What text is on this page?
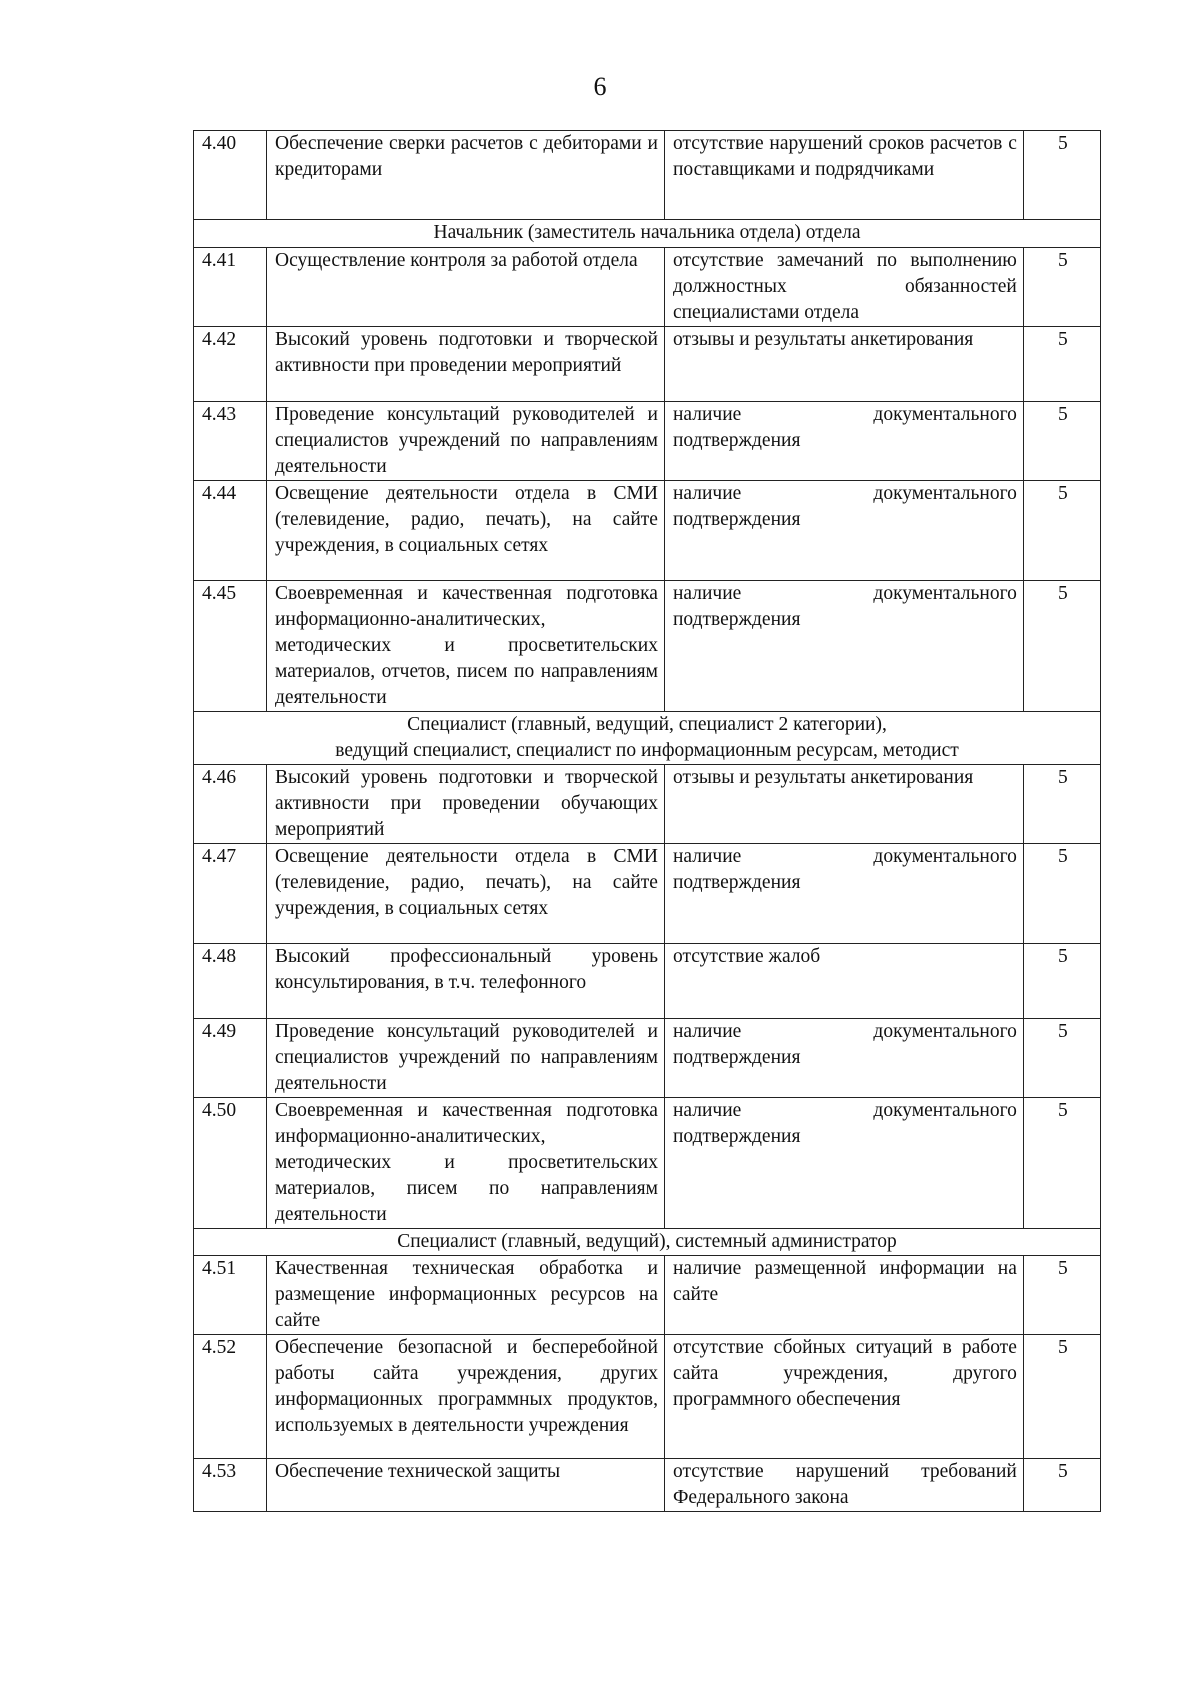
6
4.40	Обеспечение сверки расчетов с дебиторами и кредиторами	отсутствие нарушений сроков расчетов с поставщиками и подрядчиками	5

Начальник (заместитель начальника отдела) отдела			

4.41	Осуществление контроля за работой отдела	отсутствие замечаний по выполнению должностных обязанностей специалистами отдела	5
4.42	Высокий уровень подготовки и творческой активности при проведении мероприятий	отзывы и результаты анкетирования	5
4.43	Проведение консультаций руководителей и специалистов учреждений по направлениям деятельности	наличие документального подтверждения	5
4.44	Освещение деятельности отдела в СМИ (телевидение, радио, печать), на сайте учреждения, в социальных сетях	наличие документального подтверждения	5
4.45	Своевременная и качественная подготовка информационно-аналитических, методических и просветительских материалов, отчетов, писем по направлениям деятельности	наличие документального подтверждения	5

Специалист (главный, ведущий, специалист 2 категории),
ведущий специалист, специалист по информационным ресурсам, методист			

4.46	Высокий уровень подготовки и творческой активности при проведении обучающих мероприятий	отзывы и результаты анкетирования	5
4.47	Освещение деятельности отдела в СМИ (телевидение, радио, печать), на сайте учреждения, в социальных сетях	наличие документального подтверждения	5
4.48	Высокий профессиональный уровень консультирования, в т.ч. телефонного	отсутствие жалоб	5
4.49	Проведение консультаций руководителей и специалистов учреждений по направлениям деятельности	наличие документального подтверждения	5
4.50	Своевременная и качественная подготовка информационно-аналитических, методических и просветительских материалов, писем по направлениям деятельности	наличие документального подтверждения	5

Специалист (главный, ведущий), системный администратор			

4.51	Качественная техническая обработка и размещение информационных ресурсов на сайте	наличие размещенной информации на сайте	5
4.52	Обеспечение безопасной и бесперебойной работы сайта учреждения, других информационных программных продуктов, используемых в деятельности учреждения	отсутствие сбойных ситуаций в работе сайта учреждения, другого программного обеспечения	5
4.53	Обеспечение технической защиты	отсутствие нарушений требований Федерального закона	5
